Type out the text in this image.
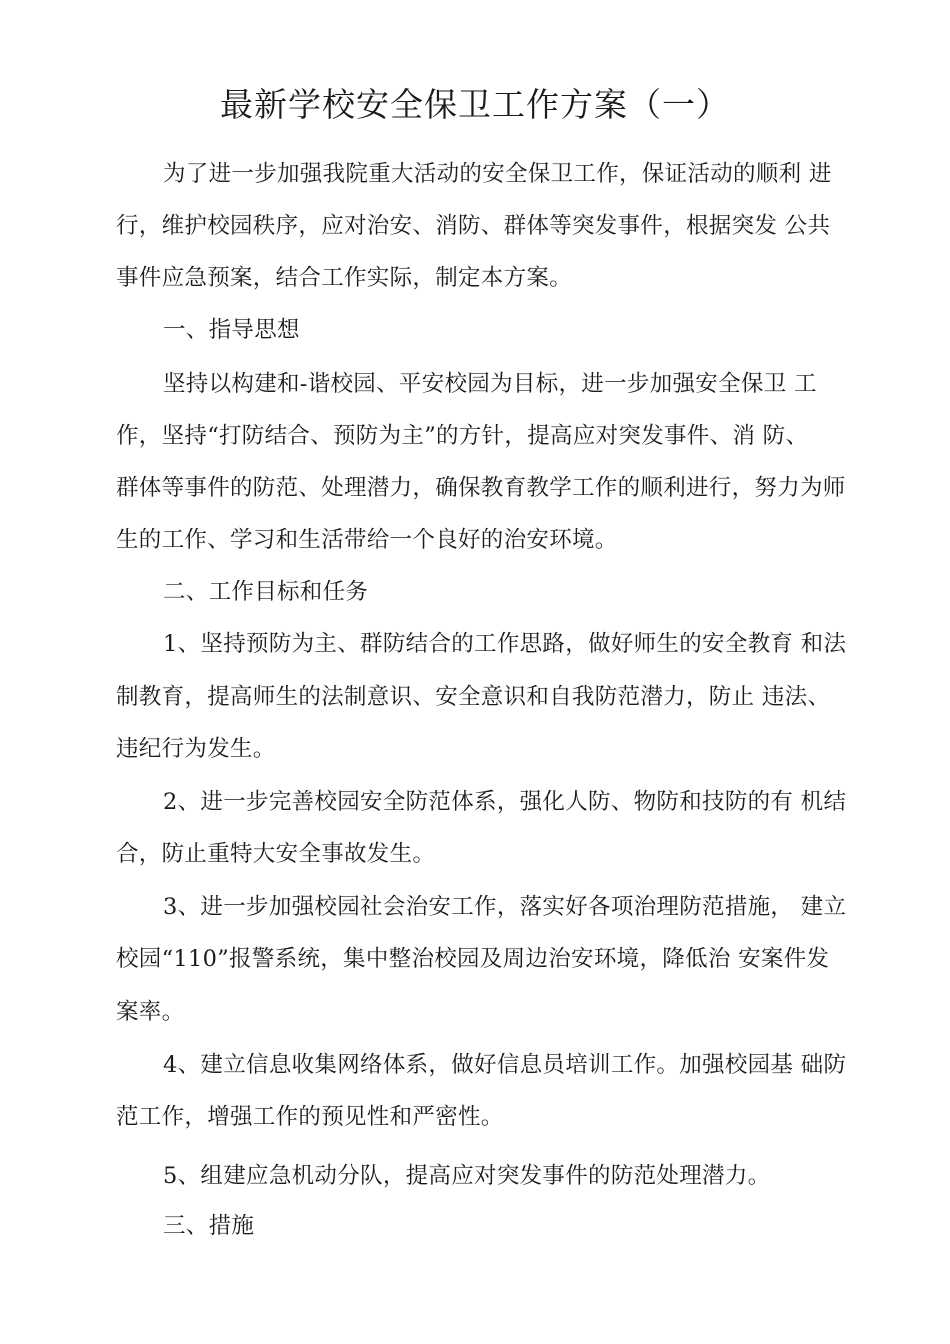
最新学校安全保卫工作方案（一）
为了进一步加强我院重大活动的安全保卫工作，保证活动的顺利 进
行，维护校园秩序，应对治安、消防、群体等突发事件，根据突发 公共
事件应急预案，结合工作实际，制定本方案。
一、指导思想
坚持以构建和-谐校园、平安校园为目标，进一步加强安全保卫 工
作，坚持“打防结合、预防为主”的方针，提高应对突发事件、消 防、
群体等事件的防范、处理潜力，确保教育教学工作的顺利进行，努力为师
生的工作、学习和生活带给一个良好的治安环境。
二、工作目标和任务
1、坚持预防为主、群防结合的工作思路，做好师生的安全教育 和法
制教育，提高师生的法制意识、安全意识和自我防范潜力，防止 违法、
违纪行为发生。
2、进一步完善校园安全防范体系，强化人防、物防和技防的有 机结
合，防止重特大安全事故发生。
3、进一步加强校园社会治安工作，落实好各项治理防范措施， 建立
校园“110”报警系统，集中整治校园及周边治安环境，降低治 安案件发
案率。
4、建立信息收集网络体系，做好信息员培训工作。加强校园基 础防
范工作，增强工作的预见性和严密性。
5、组建应急机动分队，提高应对突发事件的防范处理潜力。
三、措施
